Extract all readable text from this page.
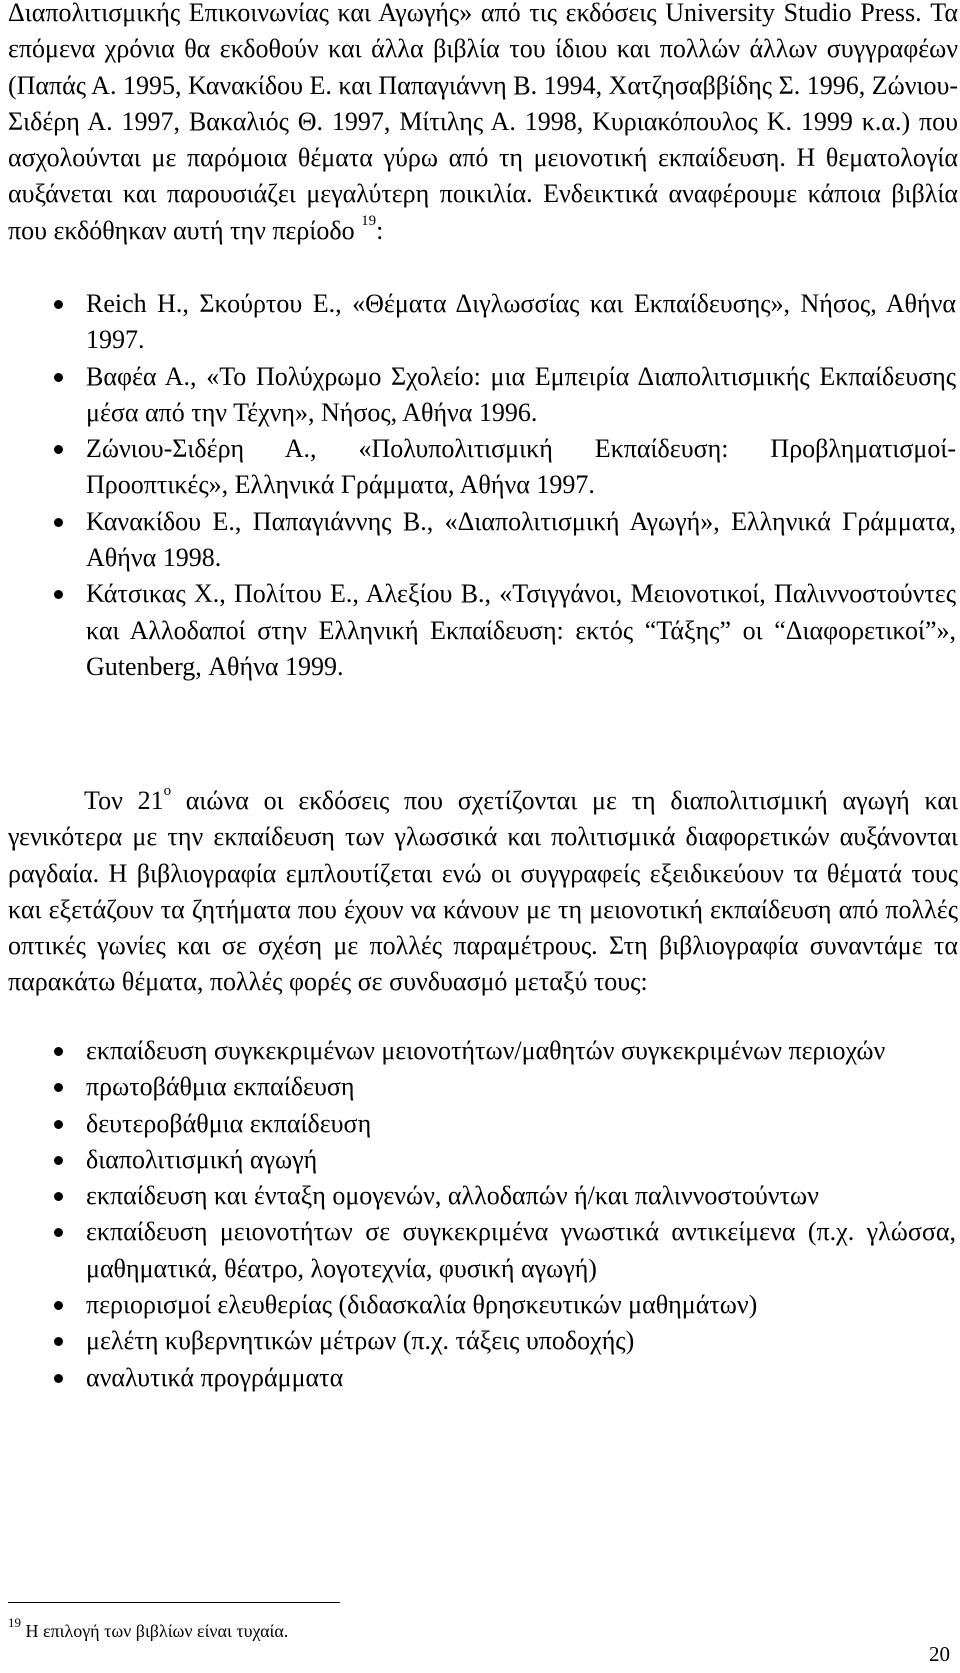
Διαπολιτισμικής Επικοινωνίας και Αγωγής» από τις εκδόσεις University Studio Press. Τα επόμενα χρόνια θα εκδοθούν και άλλα βιβλία του ίδιου και πολλών άλλων συγγραφέων (Παπάς Α. 1995, Κανακίδου Ε. και Παπαγιάννη Β. 1994, Χατζησαββίδης Σ. 1996, Ζώνιου-Σιδέρη Α. 1997, Βακαλιός Θ. 1997, Μίτιλης Α. 1998, Κυριακόπουλος Κ. 1999 κ.α.) που ασχολούνται με παρόμοια θέματα γύρω από τη μειονοτική εκπαίδευση. Η θεματολογία αυξάνεται και παρουσιάζει μεγαλύτερη ποικιλία. Ενδεικτικά αναφέρουμε κάποια βιβλία που εκδόθηκαν αυτή την περίοδο $^{19}$:

Reich H., Σκούρτου Ε., «Θέματα Διγλωσσίας και Εκπαίδευσης», Νήσος, Αθήνα 1997.
Βαφέα Α., «Το Πολύχρωμο Σχολείο: μια Εμπειρία Διαπολιτισμικής Εκπαίδευσης μέσα από την Τέχνη», Νήσος, Αθήνα 1996.
Ζώνιου-Σιδέρη Α., «Πολυπολιτισμική Εκπαίδευση: Προβληματισμοί-Προοπτικές», Ελληνικά Γράμματα, Αθήνα 1997.
Κανακίδου Ε., Παπαγιάννης Β., «Διαπολιτισμική Αγωγή», Ελληνικά Γράμματα, Αθήνα 1998.
Κάτσικας Χ., Πολίτου Ε., Αλεξίου Β., «Τσιγγάνοι, Μειονοτικοί, Παλιννοστούντες και Αλλοδαποί στην Ελληνική Εκπαίδευση: εκτός “Τάξης” οι “Διαφορετικοί”», Gutenberg, Αθήνα 1999.

Τον $21^o$ αιώνα οι εκδόσεις που σχετίζονται με τη διαπολιτισμική αγωγή και γενικότερα με την εκπαίδευση των γλωσσικά και πολιτισμικά διαφορετικών αυξάνονται ραγδαία. Η βιβλιογραφία εμπλουτίζεται ενώ οι συγγραφείς εξειδικεύουν τα θέματά τους και εξετάζουν τα ζητήματα που έχουν να κάνουν με τη μειονοτική εκπαίδευση από πολλές οπτικές γωνίες και σε σχέση με πολλές παραμέτρους. Στη βιβλιογραφία συναντάμε τα παρακάτω θέματα, πολλές φορές σε συνδυασμό μεταξύ τους:

εκπαίδευση συγκεκριμένων μειονοτήτων/μαθητών συγκεκριμένων περιοχών
πρωτοβάθμια εκπαίδευση
δευτεροβάθμια εκπαίδευση
διαπολιτισμική αγωγή
εκπαίδευση και ένταξη ομογενών, αλλοδαπών ή/και παλιννοστούντων
εκπαίδευση μειονοτήτων σε συγκεκριμένα γνωστικά αντικείμενα (π.χ. γλώσσα, μαθηματικά, θέατρο, λογοτεχνία, φυσική αγωγή)
περιορισμοί ελευθερίας (διδασκαλία θρησκευτικών μαθημάτων)
μελέτη κυβερνητικών μέτρων (π.χ. τάξεις υποδοχής)
αναλυτικά προγράμματα
$^{19}$ Η επιλογή των βιβλίων είναι τυχαία.
20
